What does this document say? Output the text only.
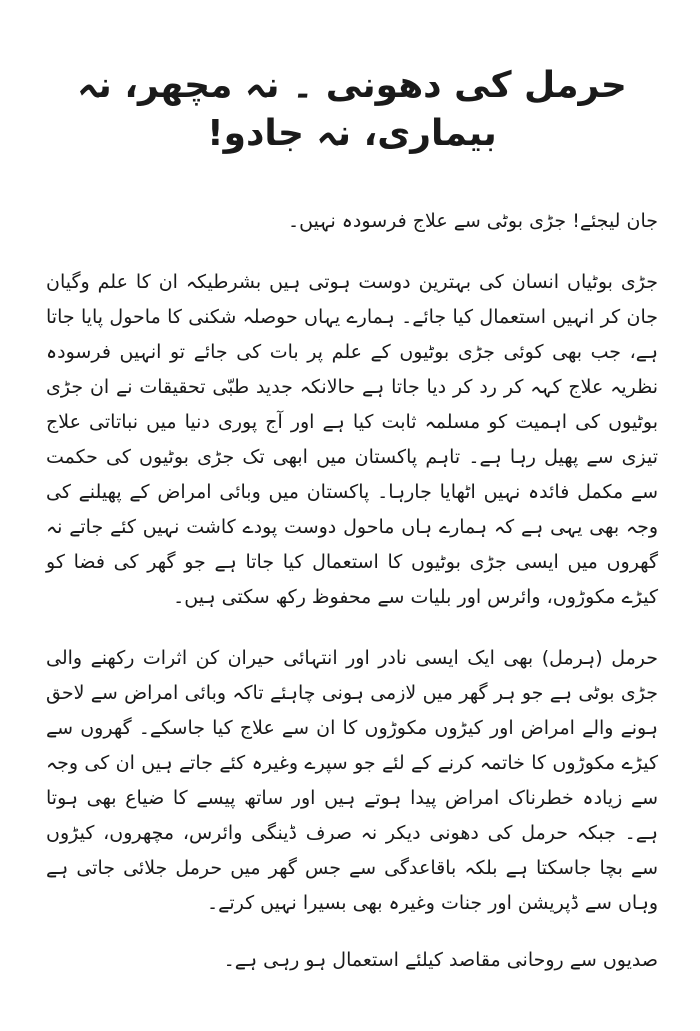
حرمل کی دھونی ۔ نہ مچھر، نہ بیماری، نہ جادو!

جان لیجئے! جڑی بوٹی سے علاج فرسودہ نہیں۔

جڑی بوٹیاں انسان کی بہترین دوست ہوتی ہیں بشرطیکہ ان کا علم وگیان جان کر انہیں استعمال کیا جائے۔ ہمارے یہاں حوصلہ شکنی کا ماحول پایا جاتا ہے، جب بھی کوئی جڑی بوٹیوں کے علم پر بات کی جائے تو انہیں فرسودہ نظریہ علاج کہہ کر رد کر دیا جاتا ہے حالانکہ جدید طبّی تحقیقات نے ان جڑی بوٹیوں کی اہمیت کو مسلمہ ثابت کیا ہے اور آج پوری دنیا میں نباتاتی علاج تیزی سے پھیل رہا ہے۔ تاہم پاکستان میں ابھی تک جڑی بوٹیوں کی حکمت سے مکمل فائدہ نہیں اٹھایا جارہا۔ پاکستان میں وبائی امراض کے پھیلنے کی وجہ بھی یہی ہے کہ ہمارے ہاں ماحول دوست پودے کاشت نہیں کئے جاتے نہ گھروں میں ایسی جڑی بوٹیوں کا استعمال کیا جاتا ہے جو گھر کی فضا کو کیڑے مکوڑوں، وائرس اور بلیات سے محفوظ رکھ سکتی ہیں۔

حرمل (ہرمل) بھی ایک ایسی نادر اور انتہائی حیران کن اثرات رکھنے والی جڑی بوٹی ہے جو ہر گھر میں لازمی ہونی چاہئے تاکہ وبائی امراض سے لاحق ہونے والے امراض اور کیڑوں مکوڑوں کا ان سے علاج کیا جاسکے۔ گھروں سے کیڑے مکوڑوں کا خاتمہ کرنے کے لئے جو سپرے وغیرہ کئے جاتے ہیں ان کی وجہ سے زیادہ خطرناک امراض پیدا ہوتے ہیں اور ساتھ پیسے کا ضیاع بھی ہوتا ہے۔ جبکہ حرمل کی دھونی دیکر نہ صرف ڈینگی وائرس، مچھروں، کیڑوں سے بچا جاسکتا ہے بلکہ باقاعدگی سے جس گھر میں حرمل جلائی جاتی ہے وہاں سے ڈپریشن اور جنات وغیرہ بھی بسیرا نہیں کرتے۔

صدیوں سے روحانی مقاصد کیلئے استعمال ہو رہی ہے۔
